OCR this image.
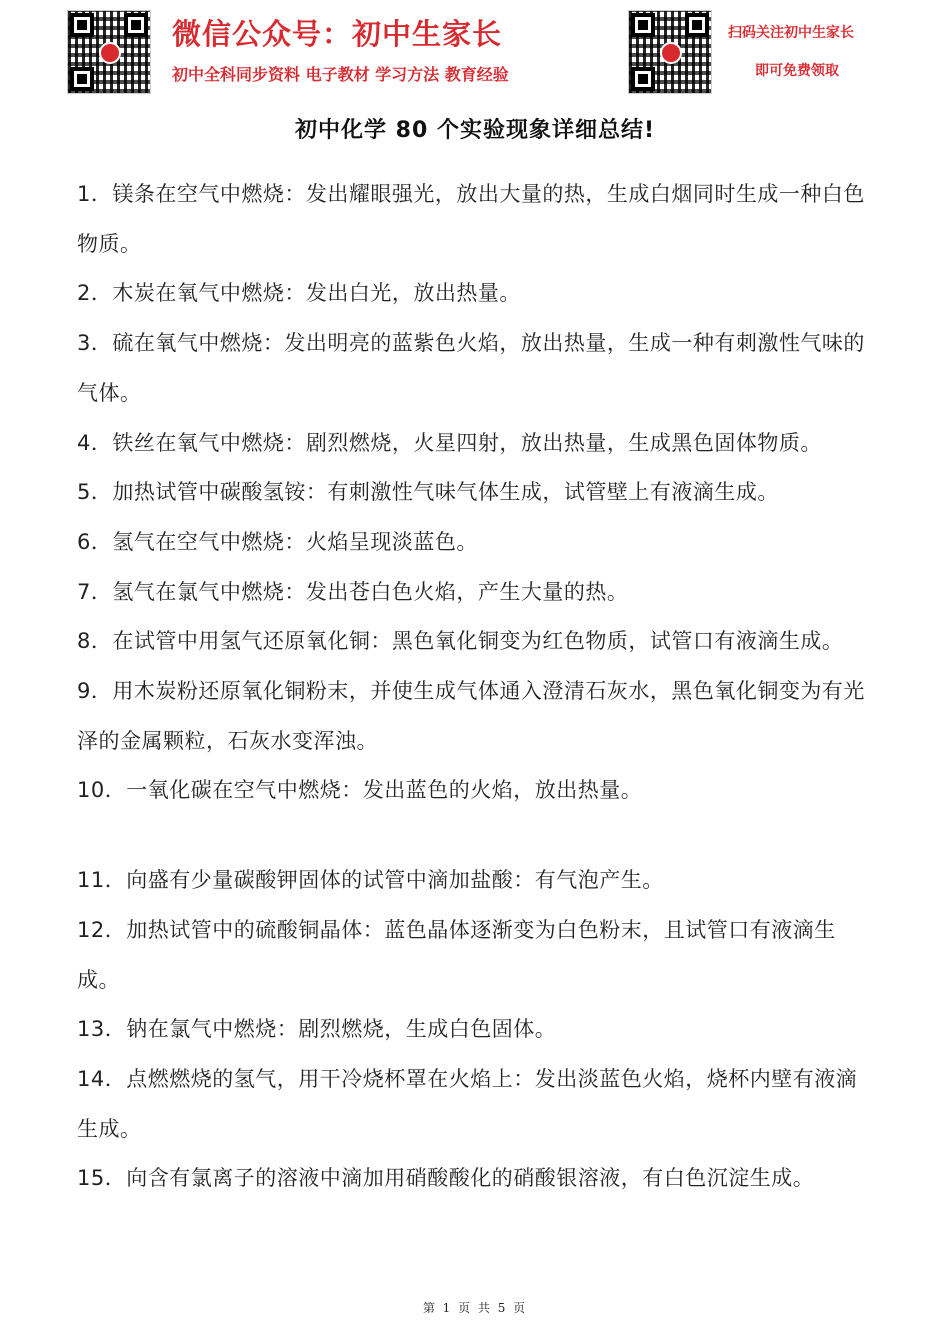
微信公众号：初中生家长
初中全科同步资料 电子教材 学习方法 教育经验
扫码关注初中生家长
即可免费领取
初中化学 80 个实验现象详细总结!
1．镁条在空气中燃烧：发出耀眼强光，放出大量的热，生成白烟同时生成一种白色物质。
2．木炭在氧气中燃烧：发出白光，放出热量。
3．硫在氧气中燃烧：发出明亮的蓝紫色火焰，放出热量，生成一种有刺激性气味的气体。
4．铁丝在氧气中燃烧：剧烈燃烧，火星四射，放出热量，生成黑色固体物质。
5．加热试管中碳酸氢铵：有刺激性气味气体生成，试管壁上有液滴生成。
6．氢气在空气中燃烧：火焰呈现淡蓝色。
7．氢气在氯气中燃烧：发出苍白色火焰，产生大量的热。
8．在试管中用氢气还原氧化铜：黑色氧化铜变为红色物质，试管口有液滴生成。
9．用木炭粉还原氧化铜粉末，并使生成气体通入澄清石灰水，黑色氧化铜变为有光泽的金属颗粒，石灰水变浑浊。
10．一氧化碳在空气中燃烧：发出蓝色的火焰，放出热量。
11．向盛有少量碳酸钾固体的试管中滴加盐酸：有气泡产生。
12．加热试管中的硫酸铜晶体：蓝色晶体逐渐变为白色粉末，且试管口有液滴生成。
13．钠在氯气中燃烧：剧烈燃烧，生成白色固体。
14．点燃燃烧的氢气，用干冷烧杯罩在火焰上：发出淡蓝色火焰，烧杯内壁有液滴生成。
15．向含有氯离子的溶液中滴加用硝酸酸化的硝酸银溶液，有白色沉淀生成。
第 1 页 共 5 页
